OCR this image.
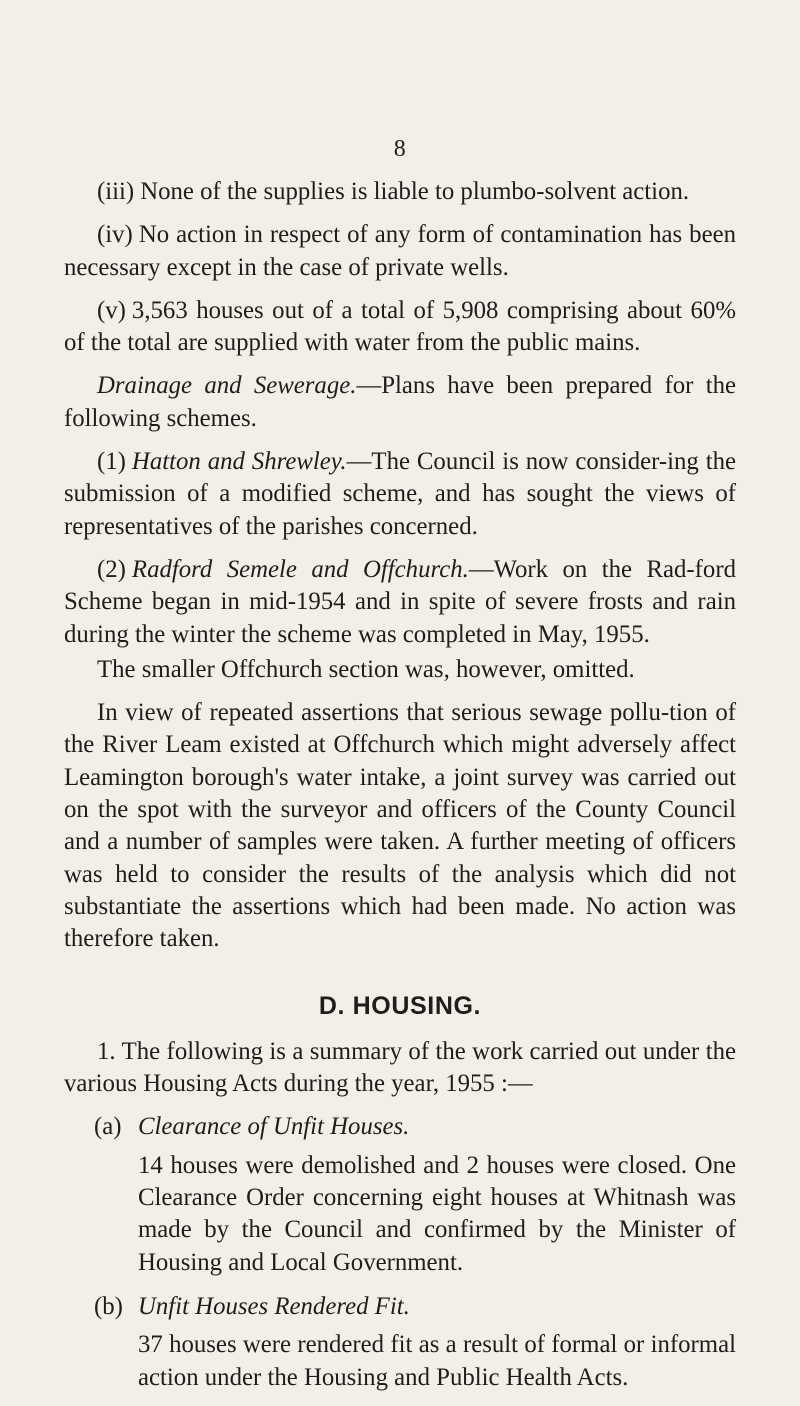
8

(iii) None of the supplies is liable to plumbo-solvent action.

(iv) No action in respect of any form of contamination has been necessary except in the case of private wells.

(v) 3,563 houses out of a total of 5,908 comprising about 60% of the total are supplied with water from the public mains.

Drainage and Sewerage.—Plans have been prepared for the following schemes.

(1) Hatton and Shrewley.—The Council is now consider-ing the submission of a modified scheme, and has sought the views of representatives of the parishes concerned.

(2) Radford Semele and Offchurch.—Work on the Rad-ford Scheme began in mid-1954 and in spite of severe frosts and rain during the winter the scheme was completed in May, 1955.

The smaller Offchurch section was, however, omitted.

In view of repeated assertions that serious sewage pollu-tion of the River Leam existed at Offchurch which might adversely affect Leamington borough's water intake, a joint survey was carried out on the spot with the surveyor and officers of the County Council and a number of samples were taken. A further meeting of officers was held to consider the results of the analysis which did not substantiate the assertions which had been made. No action was therefore taken.

D. HOUSING.

1. The following is a summary of the work carried out under the various Housing Acts during the year, 1955 :—

(a) Clearance of Unfit Houses.

14 houses were demolished and 2 houses were closed. One Clearance Order concerning eight houses at Whitnash was made by the Council and confirmed by the Minister of Housing and Local Government.

(b) Unfit Houses Rendered Fit.

37 houses were rendered fit as a result of formal or informal action under the Housing and Public Health Acts.
